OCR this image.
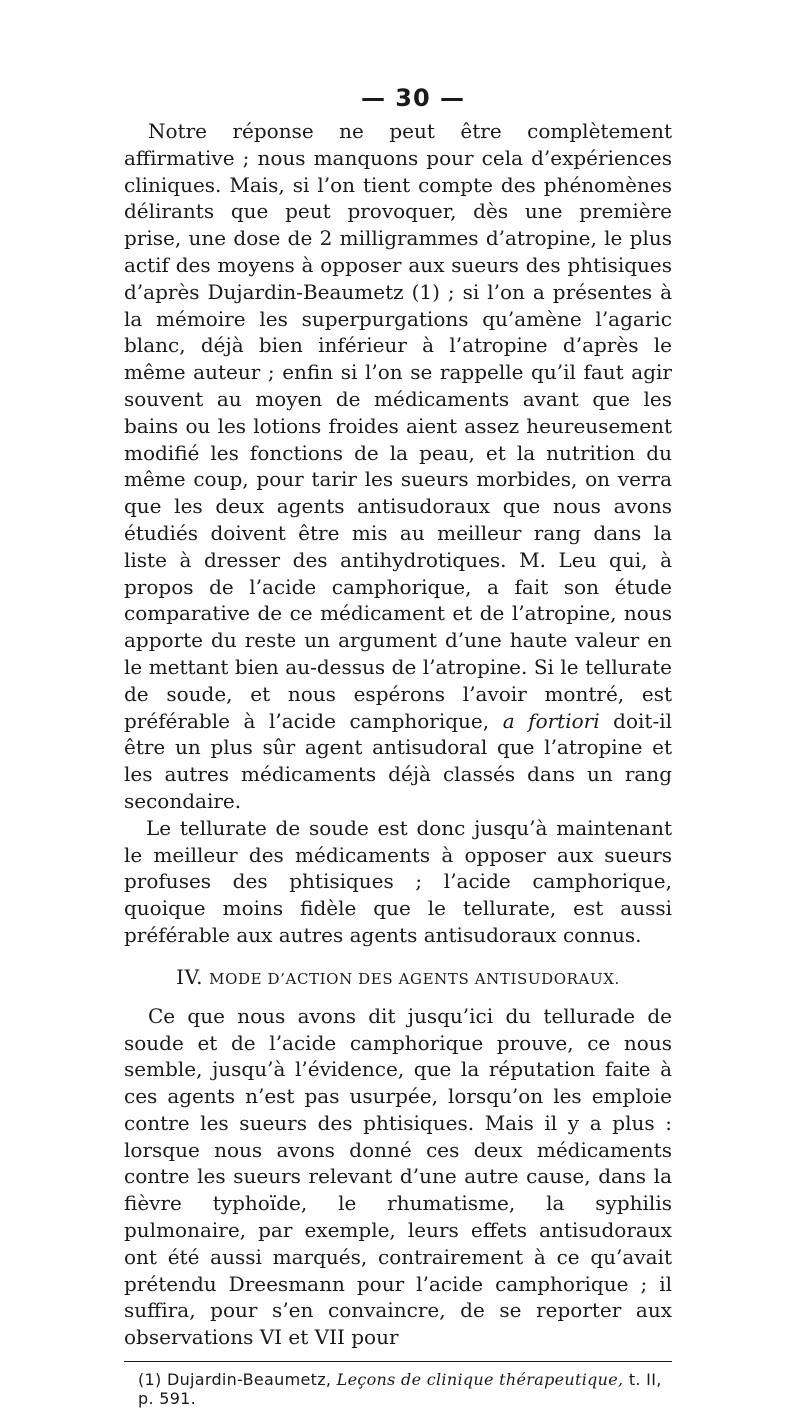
— 30 —

Notre réponse ne peut être complètement affirmative ; nous manquons pour cela d’expériences cliniques. Mais, si l’on tient compte des phénomènes délirants que peut provoquer, dès une première prise, une dose de 2 milligrammes d’atropine, le plus actif des moyens à opposer aux sueurs des phtisiques d’après Dujardin-Beaumetz (1) ; si l’on a présentes à la mémoire les superpurgations qu’amène l’agaric blanc, déjà bien inférieur à l’atropine d’après le même auteur ; enfin si l’on se rappelle qu’il faut agir souvent au moyen de médicaments avant que les bains ou les lotions froides aient assez heureusement modifié les fonctions de la peau, et la nutrition du même coup, pour tarir les sueurs morbides, on verra que les deux agents antisudoraux que nous avons étudiés doivent être mis au meilleur rang dans la liste à dresser des antihydrotiques. M. Leu qui, à propos de l’acide camphorique, a fait son étude comparative de ce médicament et de l’atropine, nous apporte du reste un argument d’une haute valeur en le mettant bien au-dessus de l’atropine. Si le tellurate de soude, et nous espérons l’avoir montré, est préférable à l’acide camphorique, a fortiori doit-il être un plus sûr agent antisudoral que l’atropine et les autres médicaments déjà classés dans un rang secondaire.

Le tellurate de soude est donc jusqu’à maintenant le meilleur des médicaments à opposer aux sueurs profuses des phtisiques ; l’acide camphorique, quoique moins fidèle que le tellurate, est aussi préférable aux autres agents antisudoraux connus.

IV. MODE D’ACTION DES AGENTS ANTISUDORAUX.

Ce que nous avons dit jusqu’ici du tellurade de soude et de l’acide camphorique prouve, ce nous semble, jusqu’à l’évidence, que la réputation faite à ces agents n’est pas usurpée, lorsqu’on les emploie contre les sueurs des phtisiques. Mais il y a plus : lorsque nous avons donné ces deux médicaments contre les sueurs relevant d’une autre cause, dans la fièvre typhoïde, le rhumatisme, la syphilis pulmonaire, par exemple, leurs effets antisudoraux ont été aussi marqués, contrairement à ce qu’avait prétendu Dreesmann pour l’acide camphorique ; il suffira, pour s’en convaincre, de se reporter aux observations VI et VII pour

(1) Dujardin-Beaumetz, Leçons de clinique thérapeutique, t. II, p. 591.
